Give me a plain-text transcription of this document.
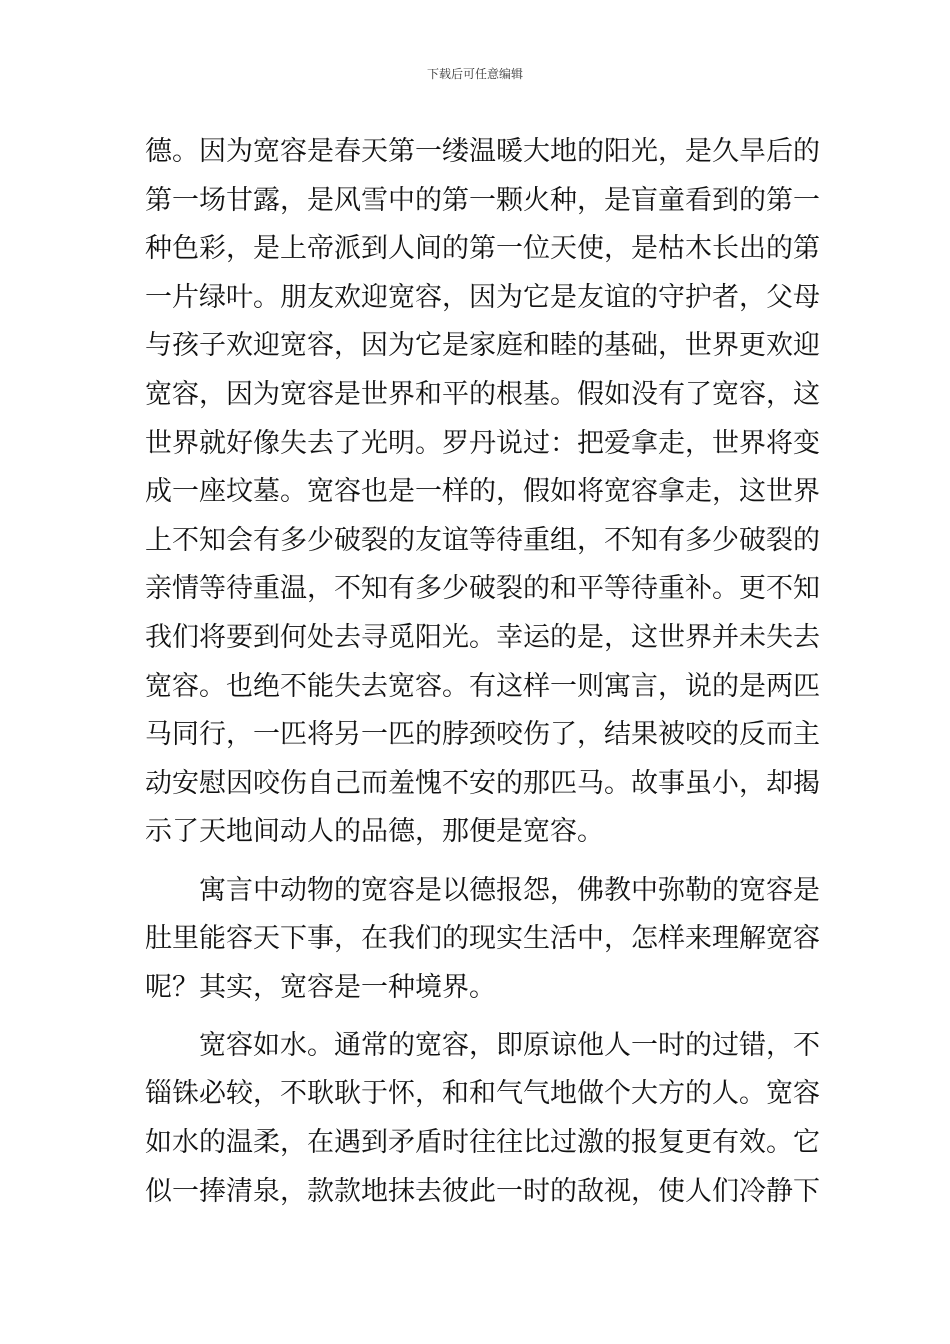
下载后可任意编辑
德。因为宽容是春天第一缕温暖大地的阳光，是久旱后的
第一场甘露，是风雪中的第一颗火种，是盲童看到的第一
种色彩，是上帝派到人间的第一位天使，是枯木长出的第
一片绿叶。朋友欢迎宽容，因为它是友谊的守护者，父母
与孩子欢迎宽容，因为它是家庭和睦的基础，世界更欢迎
宽容，因为宽容是世界和平的根基。假如没有了宽容，这
世界就好像失去了光明。罗丹说过：把爱拿走，世界将变
成一座坟墓。宽容也是一样的，假如将宽容拿走，这世界
上不知会有多少破裂的友谊等待重组，不知有多少破裂的
亲情等待重温，不知有多少破裂的和平等待重补。更不知
我们将要到何处去寻觅阳光。幸运的是，这世界并未失去
宽容。也绝不能失去宽容。有这样一则寓言，说的是两匹
马同行，一匹将另一匹的脖颈咬伤了，结果被咬的反而主
动安慰因咬伤自己而羞愧不安的那匹马。故事虽小，却揭
示了天地间动人的品德，那便是宽容。
寓言中动物的宽容是以德报怨，佛教中弥勒的宽容是
肚里能容天下事，在我们的现实生活中，怎样来理解宽容
呢？其实，宽容是一种境界。
宽容如水。通常的宽容，即原谅他人一时的过错，不
锱铢必较，不耿耿于怀，和和气气地做个大方的人。宽容
如水的温柔，在遇到矛盾时往往比过激的报复更有效。它
似一捧清泉，款款地抹去彼此一时的敌视，使人们冷静下
